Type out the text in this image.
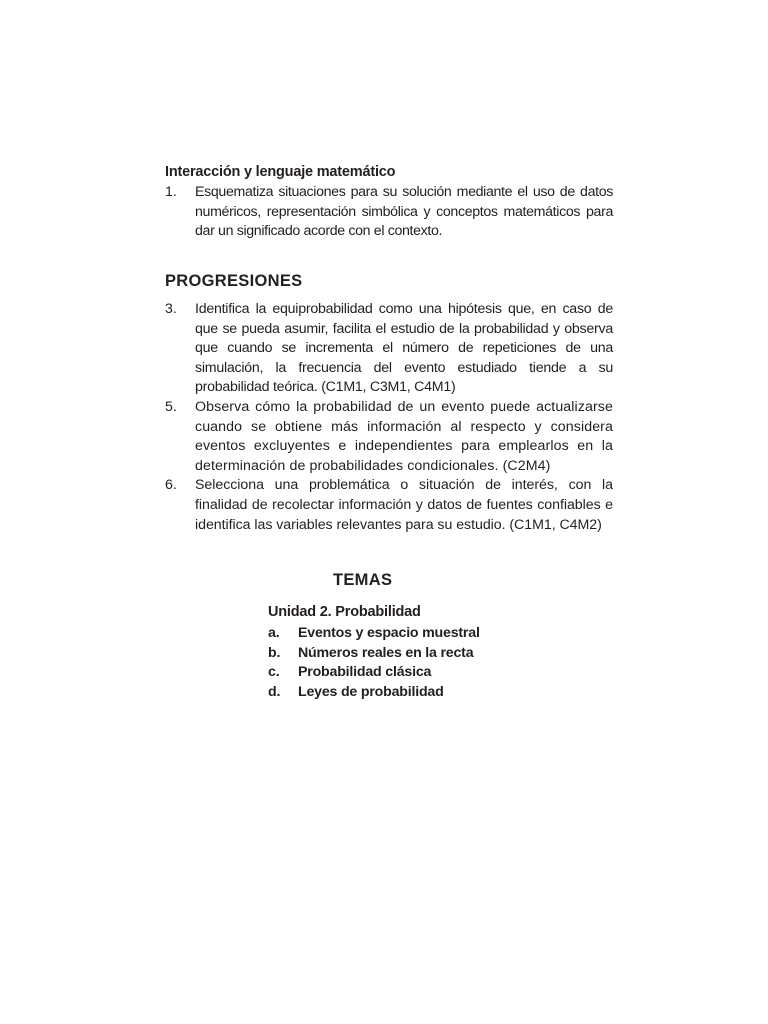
Interacción y lenguaje matemático
1. Esquematiza situaciones para su solución mediante el uso de datos numéricos, representación simbólica y conceptos matemáticos para dar un significado acorde con el contexto.
PROGRESIONES
3. Identifica la equiprobabilidad como una hipótesis que, en caso de que se pueda asumir, facilita el estudio de la probabilidad y observa que cuando se incrementa el número de repeticiones de una simulación, la frecuencia del evento estudiado tiende a su probabilidad teórica. (C1M1, C3M1, C4M1)
5. Observa cómo la probabilidad de un evento puede actualizarse cuando se obtiene más información al respecto y considera eventos excluyentes e independientes para emplearlos en la determinación de probabilidades condicionales. (C2M4)
6. Selecciona una problemática o situación de interés, con la finalidad de recolectar información y datos de fuentes confiables e identifica las variables relevantes para su estudio. (C1M1, C4M2)
TEMAS
Unidad 2. Probabilidad
a. Eventos y espacio muestral
b. Números reales en la recta
c. Probabilidad clásica
d. Leyes de probabilidad
